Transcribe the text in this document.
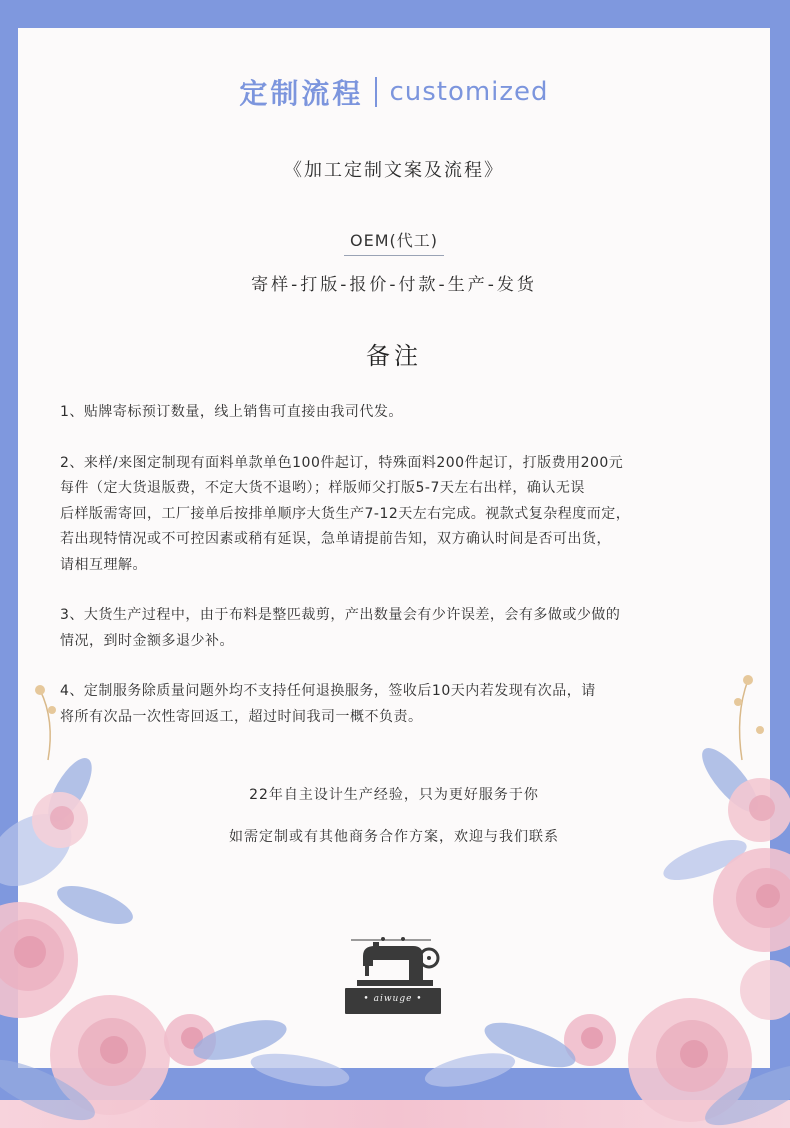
定制流程 customized
《加工定制文案及流程》
OEM(代工)
寄样-打版-报价-付款-生产-发货
备注
1、贴牌寄标预订数量，线上销售可直接由我司代发。
2、来样/来图定制现有面料单款单色100件起订，特殊面料200件起订，打版费用200元
每件（定大货退版费，不定大货不退哟）；样版师父打版5-7天左右出样，确认无误
后样版需寄回，工厂接单后按排单顺序大货生产7-12天左右完成。视款式复杂程度而定，
若出现特情况或不可控因素或稍有延误，急单请提前告知，双方确认时间是否可出货，
请相互理解。
3、大货生产过程中，由于布料是整匹裁剪，产出数量会有少许误差，会有多做或少做的
情况，到时金额多退少补。
4、定制服务除质量问题外均不支持任何退换服务，签收后10天内若发现有次品，请
将所有次品一次性寄回返工，超过时间我司一概不负责。
22年自主设计生产经验，只为更好服务于你
如需定制或有其他商务合作方案，欢迎与我们联系
• aiwuge •
